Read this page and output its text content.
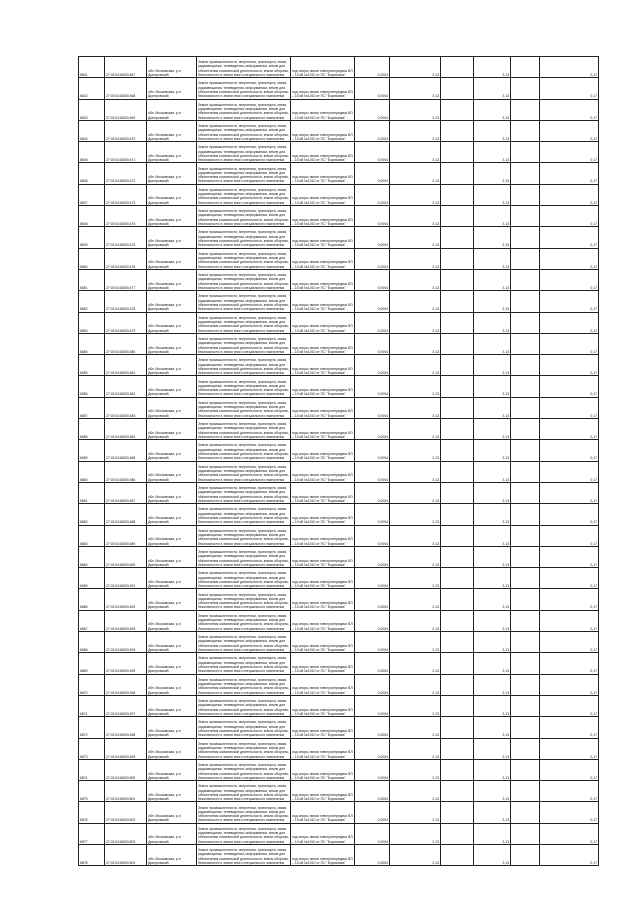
6841	27:02:0415603:467	обл. Московская, р-н Дмитровский	Земли промышленности, энергетики, транспорта, связи, радиовещания, телевидения, информатики, земли для обеспечения космической деятельности, земли обороны, безопасности и земли иного специального назначения	под опоры линии электропередачи ВЛ – 10 кВ №1010 от ПС "Борисовка"	0,0004	2,13		2,13		0,17
6842	27:02:0415603:468	обл. Московская, р-н Дмитровский	Земли промышленности, энергетики, транспорта, связи, радиовещания, телевидения, информатики, земли для обеспечения космической деятельности, земли обороны, безопасности и земли иного специального назначения	под опоры линии электропередачи ВЛ – 10 кВ №1010 от ПС "Борисовка"	0,0004	2,13		2,13		0,17
6843	27:02:0415603:469	обл. Московская, р-н Дмитровский	Земли промышленности, энергетики, транспорта, связи, радиовещания, телевидения, информатики, земли для обеспечения космической деятельности, земли обороны, безопасности и земли иного специального назначения	под опоры линии электропередачи ВЛ – 10 кВ №1010 от ПС "Борисовка"	0,0004	2,13		2,13		0,17
6844	27:02:0415603:470	обл. Московская, р-н Дмитровский	Земли промышленности, энергетики, транспорта, связи, радиовещания, телевидения, информатики, земли для обеспечения космической деятельности, земли обороны, безопасности и земли иного специального назначения	под опоры линии электропередачи ВЛ – 10 кВ №1010 от ПС "Борисовка"	0,0004	2,13		2,13		0,17
6845	27:02:0415603:471	обл. Московская, р-н Дмитровский	Земли промышленности, энергетики, транспорта, связи, радиовещания, телевидения, информатики, земли для обеспечения космической деятельности, земли обороны, безопасности и земли иного специального назначения	под опоры линии электропередачи ВЛ – 10 кВ №1010 от ПС "Борисовка"	0,0004	2,13		2,13		0,17
6846	27:02:0415603:472	обл. Московская, р-н Дмитровский	Земли промышленности, энергетики, транспорта, связи, радиовещания, телевидения, информатики, земли для обеспечения космической деятельности, земли обороны, безопасности и земли иного специального назначения	под опоры линии электропередачи ВЛ – 10 кВ №1010 от ПС "Борисовка"	0,0004	2,13		2,13		0,17
6847	27:02:0415603:473	обл. Московская, р-н Дмитровский	Земли промышленности, энергетики, транспорта, связи, радиовещания, телевидения, информатики, земли для обеспечения космической деятельности, земли обороны, безопасности и земли иного специального назначения	под опоры линии электропередачи ВЛ – 10 кВ №1010 от ПС "Борисовка"	0,0004	2,13		2,13		0,17
6848	27:02:0415603:474	обл. Московская, р-н Дмитровский	Земли промышленности, энергетики, транспорта, связи, радиовещания, телевидения, информатики, земли для обеспечения космической деятельности, земли обороны, безопасности и земли иного специального назначения	под опоры линии электропередачи ВЛ – 10 кВ №1010 от ПС "Борисовка"	0,0004	2,13		2,13		0,17
6849	27:02:0415603:475	обл. Московская, р-н Дмитровский	Земли промышленности, энергетики, транспорта, связи, радиовещания, телевидения, информатики, земли для обеспечения космической деятельности, земли обороны, безопасности и земли иного специального назначения	под опоры линии электропередачи ВЛ – 10 кВ №1010 от ПС "Борисовка"	0,0004	2,13		2,13		0,17
6850	27:02:0415603:476	обл. Московская, р-н Дмитровский	Земли промышленности, энергетики, транспорта, связи, радиовещания, телевидения, информатики, земли для обеспечения космической деятельности, земли обороны, безопасности и земли иного специального назначения	под опоры линии электропередачи ВЛ – 10 кВ №1010 от ПС "Борисовка"	0,0004	2,13		2,13		0,17
6851	27:02:0415603:477	обл. Московская, р-н Дмитровский	Земли промышленности, энергетики, транспорта, связи, радиовещания, телевидения, информатики, земли для обеспечения космической деятельности, земли обороны, безопасности и земли иного специального назначения	под опоры линии электропередачи ВЛ – 10 кВ №1010 от ПС "Борисовка"	0,0004	2,13		2,13		0,17
6852	27:02:0415603:478	обл. Московская, р-н Дмитровский	Земли промышленности, энергетики, транспорта, связи, радиовещания, телевидения, информатики, земли для обеспечения космической деятельности, земли обороны, безопасности и земли иного специального назначения	под опоры линии электропередачи ВЛ – 10 кВ №1010 от ПС "Борисовка"	0,0004	2,13		2,13		0,17
6853	27:02:0415603:479	обл. Московская, р-н Дмитровский	Земли промышленности, энергетики, транспорта, связи, радиовещания, телевидения, информатики, земли для обеспечения космической деятельности, земли обороны, безопасности и земли иного специального назначения	под опоры линии электропередачи ВЛ – 10 кВ №1010 от ПС "Борисовка"	0,0004	2,13		2,13		0,17
6854	27:02:0415603:480	обл. Московская, р-н Дмитровский	Земли промышленности, энергетики, транспорта, связи, радиовещания, телевидения, информатики, земли для обеспечения космической деятельности, земли обороны, безопасности и земли иного специального назначения	под опоры линии электропередачи ВЛ – 10 кВ №1010 от ПС "Борисовка"	0,0004	2,13		2,13		0,17
6855	27:02:0415603:481	обл. Московская, р-н Дмитровский	Земли промышленности, энергетики, транспорта, связи, радиовещания, телевидения, информатики, земли для обеспечения космической деятельности, земли обороны, безопасности и земли иного специального назначения	под опоры линии электропередачи ВЛ – 10 кВ №1010 от ПС "Борисовка"	0,0004	2,13		2,13		0,17
6856	27:02:0415603:482	обл. Московская, р-н Дмитровский	Земли промышленности, энергетики, транспорта, связи, радиовещания, телевидения, информатики, земли для обеспечения космической деятельности, земли обороны, безопасности и земли иного специального назначения	под опоры линии электропередачи ВЛ – 10 кВ №1010 от ПС "Борисовка"	0,0004	2,13		2,13		0,17
6857	27:02:0415603:483	обл. Московская, р-н Дмитровский	Земли промышленности, энергетики, транспорта, связи, радиовещания, телевидения, информатики, земли для обеспечения космической деятельности, земли обороны, безопасности и земли иного специального назначения	под опоры линии электропередачи ВЛ – 10 кВ №1010 от ПС "Борисовка"	0,0004	2,13		2,13		0,17
6858	27:02:0415603:484	обл. Московская, р-н Дмитровский	Земли промышленности, энергетики, транспорта, связи, радиовещания, телевидения, информатики, земли для обеспечения космической деятельности, земли обороны, безопасности и земли иного специального назначения	под опоры линии электропередачи ВЛ – 10 кВ №1010 от ПС "Борисовка"	0,0004	2,13		2,13		0,17
6859	27:02:0415603:485	обл. Московская, р-н Дмитровский	Земли промышленности, энергетики, транспорта, связи, радиовещания, телевидения, информатики, земли для обеспечения космической деятельности, земли обороны, безопасности и земли иного специального назначения	под опоры линии электропередачи ВЛ – 10 кВ №1010 от ПС "Борисовка"	0,0004	2,13		2,13		0,17
6860	27:02:0415603:486	обл. Московская, р-н Дмитровский	Земли промышленности, энергетики, транспорта, связи, радиовещания, телевидения, информатики, земли для обеспечения космической деятельности, земли обороны, безопасности и земли иного специального назначения	под опоры линии электропередачи ВЛ – 10 кВ №1010 от ПС "Борисовка"	0,0004	2,13		2,13		0,17
6861	27:02:0415603:487	обл. Московская, р-н Дмитровский	Земли промышленности, энергетики, транспорта, связи, радиовещания, телевидения, информатики, земли для обеспечения космической деятельности, земли обороны, безопасности и земли иного специального назначения	под опоры линии электропередачи ВЛ – 10 кВ №1010 от ПС "Борисовка"	0,0004	2,13		2,13		0,17
6862	27:02:0415603:488	обл. Московская, р-н Дмитровский	Земли промышленности, энергетики, транспорта, связи, радиовещания, телевидения, информатики, земли для обеспечения космической деятельности, земли обороны, безопасности и земли иного специального назначения	под опоры линии электропередачи ВЛ – 10 кВ №1010 от ПС "Борисовка"	0,0004	2,13		2,13		0,17
6863	27:02:0415603:489	обл. Московская, р-н Дмитровский	Земли промышленности, энергетики, транспорта, связи, радиовещания, телевидения, информатики, земли для обеспечения космической деятельности, земли обороны, безопасности и земли иного специального назначения	под опоры линии электропередачи ВЛ – 10 кВ №1010 от ПС "Борисовка"	0,0004	2,13		2,13		0,17
6864	27:02:0415603:490	обл. Московская, р-н Дмитровский	Земли промышленности, энергетики, транспорта, связи, радиовещания, телевидения, информатики, земли для обеспечения космической деятельности, земли обороны, безопасности и земли иного специального назначения	под опоры линии электропередачи ВЛ – 10 кВ №1010 от ПС "Борисовка"	0,0004	2,13		2,13		0,17
6865	27:02:0415603:491	обл. Московская, р-н Дмитровский	Земли промышленности, энергетики, транспорта, связи, радиовещания, телевидения, информатики, земли для обеспечения космической деятельности, земли обороны, безопасности и земли иного специального назначения	под опоры линии электропередачи ВЛ – 10 кВ №1010 от ПС "Борисовка"	0,0004	2,13		2,13		0,17
6866	27:02:0415603:492	обл. Московская, р-н Дмитровский	Земли промышленности, энергетики, транспорта, связи, радиовещания, телевидения, информатики, земли для обеспечения космической деятельности, земли обороны, безопасности и земли иного специального назначения	под опоры линии электропередачи ВЛ – 10 кВ №1010 от ПС "Борисовка"	0,0004	2,13		2,13		0,17
6867	27:02:0415603:493	обл. Московская, р-н Дмитровский	Земли промышленности, энергетики, транспорта, связи, радиовещания, телевидения, информатики, земли для обеспечения космической деятельности, земли обороны, безопасности и земли иного специального назначения	под опоры линии электропередачи ВЛ – 10 кВ №1010 от ПС "Борисовка"	0,0004	2,13		2,13		0,17
6868	27:02:0415603:494	обл. Московская, р-н Дмитровский	Земли промышленности, энергетики, транспорта, связи, радиовещания, телевидения, информатики, земли для обеспечения космической деятельности, земли обороны, безопасности и земли иного специального назначения	под опоры линии электропередачи ВЛ – 10 кВ №1010 от ПС "Борисовка"	0,0004	2,13		2,13		0,17
6869	27:02:0415603:495	обл. Московская, р-н Дмитровский	Земли промышленности, энергетики, транспорта, связи, радиовещания, телевидения, информатики, земли для обеспечения космической деятельности, земли обороны, безопасности и земли иного специального назначения	под опоры линии электропередачи ВЛ – 10 кВ №1010 от ПС "Борисовка"	0,0004	2,13		2,13		0,17
6870	27:02:0415603:496	обл. Московская, р-н Дмитровский	Земли промышленности, энергетики, транспорта, связи, радиовещания, телевидения, информатики, земли для обеспечения космической деятельности, земли обороны, безопасности и земли иного специального назначения	под опоры линии электропередачи ВЛ – 10 кВ №1010 от ПС "Борисовка"	0,0004	2,13		2,13		0,17
6871	27:02:0415603:497	обл. Московская, р-н Дмитровский	Земли промышленности, энергетики, транспорта, связи, радиовещания, телевидения, информатики, земли для обеспечения космической деятельности, земли обороны, безопасности и земли иного специального назначения	под опоры линии электропередачи ВЛ – 10 кВ №1010 от ПС "Борисовка"	0,0004	2,13		2,13		0,17
6872	27:02:0415603:498	обл. Московская, р-н Дмитровский	Земли промышленности, энергетики, транспорта, связи, радиовещания, телевидения, информатики, земли для обеспечения космической деятельности, земли обороны, безопасности и земли иного специального назначения	под опоры линии электропередачи ВЛ – 10 кВ №1010 от ПС "Борисовка"	0,0004	2,13		2,13		0,17
6873	27:02:0415603:499	обл. Московская, р-н Дмитровский	Земли промышленности, энергетики, транспорта, связи, радиовещания, телевидения, информатики, земли для обеспечения космической деятельности, земли обороны, безопасности и земли иного специального назначения	под опоры линии электропередачи ВЛ – 10 кВ №1010 от ПС "Борисовка"	0,0004	2,13		2,13		0,17
6874	27:02:0415603:500	обл. Московская, р-н Дмитровский	Земли промышленности, энергетики, транспорта, связи, радиовещания, телевидения, информатики, земли для обеспечения космической деятельности, земли обороны, безопасности и земли иного специального назначения	под опоры линии электропередачи ВЛ – 10 кВ №1010 от ПС "Борисовка"	0,0004	2,13		2,13		0,17
6875	27:02:0415603:501	обл. Московская, р-н Дмитровский	Земли промышленности, энергетики, транспорта, связи, радиовещания, телевидения, информатики, земли для обеспечения космической деятельности, земли обороны, безопасности и земли иного специального назначения	под опоры линии электропередачи ВЛ – 10 кВ №1010 от ПС "Борисовка"	0,0004	2,13		2,13		0,17
6876	27:02:0415603:502	обл. Московская, р-н Дмитровский	Земли промышленности, энергетики, транспорта, связи, радиовещания, телевидения, информатики, земли для обеспечения космической деятельности, земли обороны, безопасности и земли иного специального назначения	под опоры линии электропередачи ВЛ – 10 кВ №1010 от ПС "Борисовка"	0,0004	2,13		2,13		0,17
6877	27:02:0415603:503	обл. Московская, р-н Дмитровский	Земли промышленности, энергетики, транспорта, связи, радиовещания, телевидения, информатики, земли для обеспечения космической деятельности, земли обороны, безопасности и земли иного специального назначения	под опоры линии электропередачи ВЛ – 10 кВ №1010 от ПС "Борисовка"	0,0004	2,13		2,13		0,17
6878	27:02:0415603:504	обл. Московская, р-н Дмитровский	Земли промышленности, энергетики, транспорта, связи, радиовещания, телевидения, информатики, земли для обеспечения космической деятельности, земли обороны, безопасности и земли иного специального назначения	под опоры линии электропередачи ВЛ – 10 кВ №1010 от ПС "Борисовка"	0,0004	2,13		2,13		0,17
